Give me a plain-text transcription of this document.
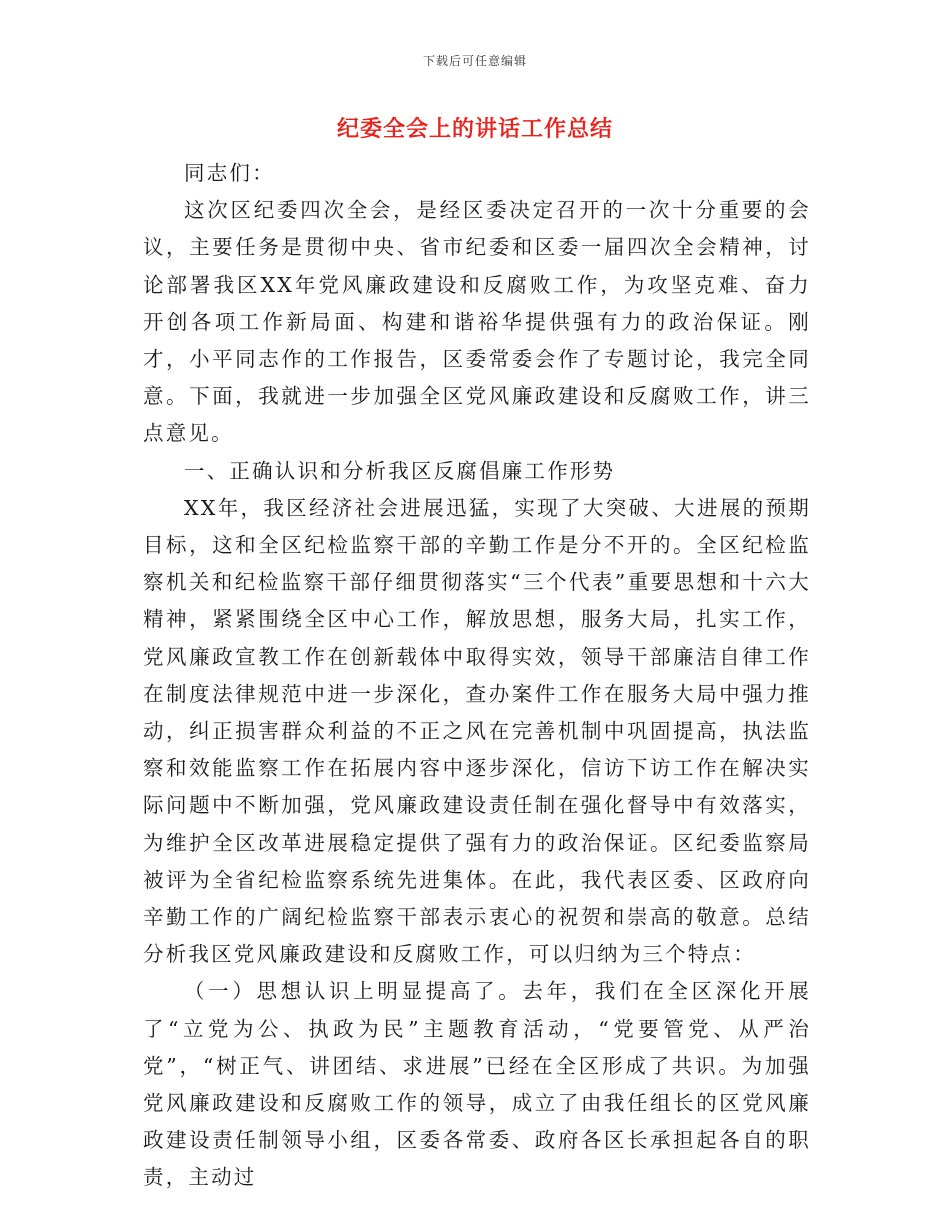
下载后可任意编辑
纪委全会上的讲话工作总结

同志们：

这次区纪委四次全会，是经区委决定召开的一次十分重要的会议，主要任务是贯彻中央、省市纪委和区委一届四次全会精神，讨论部署我区XX年党风廉政建设和反腐败工作，为攻坚克难、奋力开创各项工作新局面、构建和谐裕华提供强有力的政治保证。刚才，小平同志作的工作报告，区委常委会作了专题讨论，我完全同意。下面，我就进一步加强全区党风廉政建设和反腐败工作，讲三点意见。

一、正确认识和分析我区反腐倡廉工作形势

XX年，我区经济社会进展迅猛，实现了大突破、大进展的预期目标，这和全区纪检监察干部的辛勤工作是分不开的。全区纪检监察机关和纪检监察干部仔细贯彻落实“三个代表”重要思想和十六大精神，紧紧围绕全区中心工作，解放思想，服务大局，扎实工作，党风廉政宣教工作在创新载体中取得实效，领导干部廉洁自律工作在制度法律规范中进一步深化，查办案件工作在服务大局中强力推动，纠正损害群众利益的不正之风在完善机制中巩固提高，执法监察和效能监察工作在拓展内容中逐步深化，信访下访工作在解决实际问题中不断加强，党风廉政建设责任制在强化督导中有效落实，为维护全区改革进展稳定提供了强有力的政治保证。区纪委监察局被评为全省纪检监察系统先进集体。在此，我代表区委、区政府向辛勤工作的广阔纪检监察干部表示衷心的祝贺和崇高的敬意。总结分析我区党风廉政建设和反腐败工作，可以归纳为三个特点：

（一）思想认识上明显提高了。去年，我们在全区深化开展了“立党为公、执政为民”主题教育活动，“党要管党、从严治党”，“树正气、讲团结、求进展”已经在全区形成了共识。为加强党风廉政建设和反腐败工作的领导，成立了由我任组长的区党风廉政建设责任制领导小组，区委各常委、政府各区长承担起各自的职责，主动过
